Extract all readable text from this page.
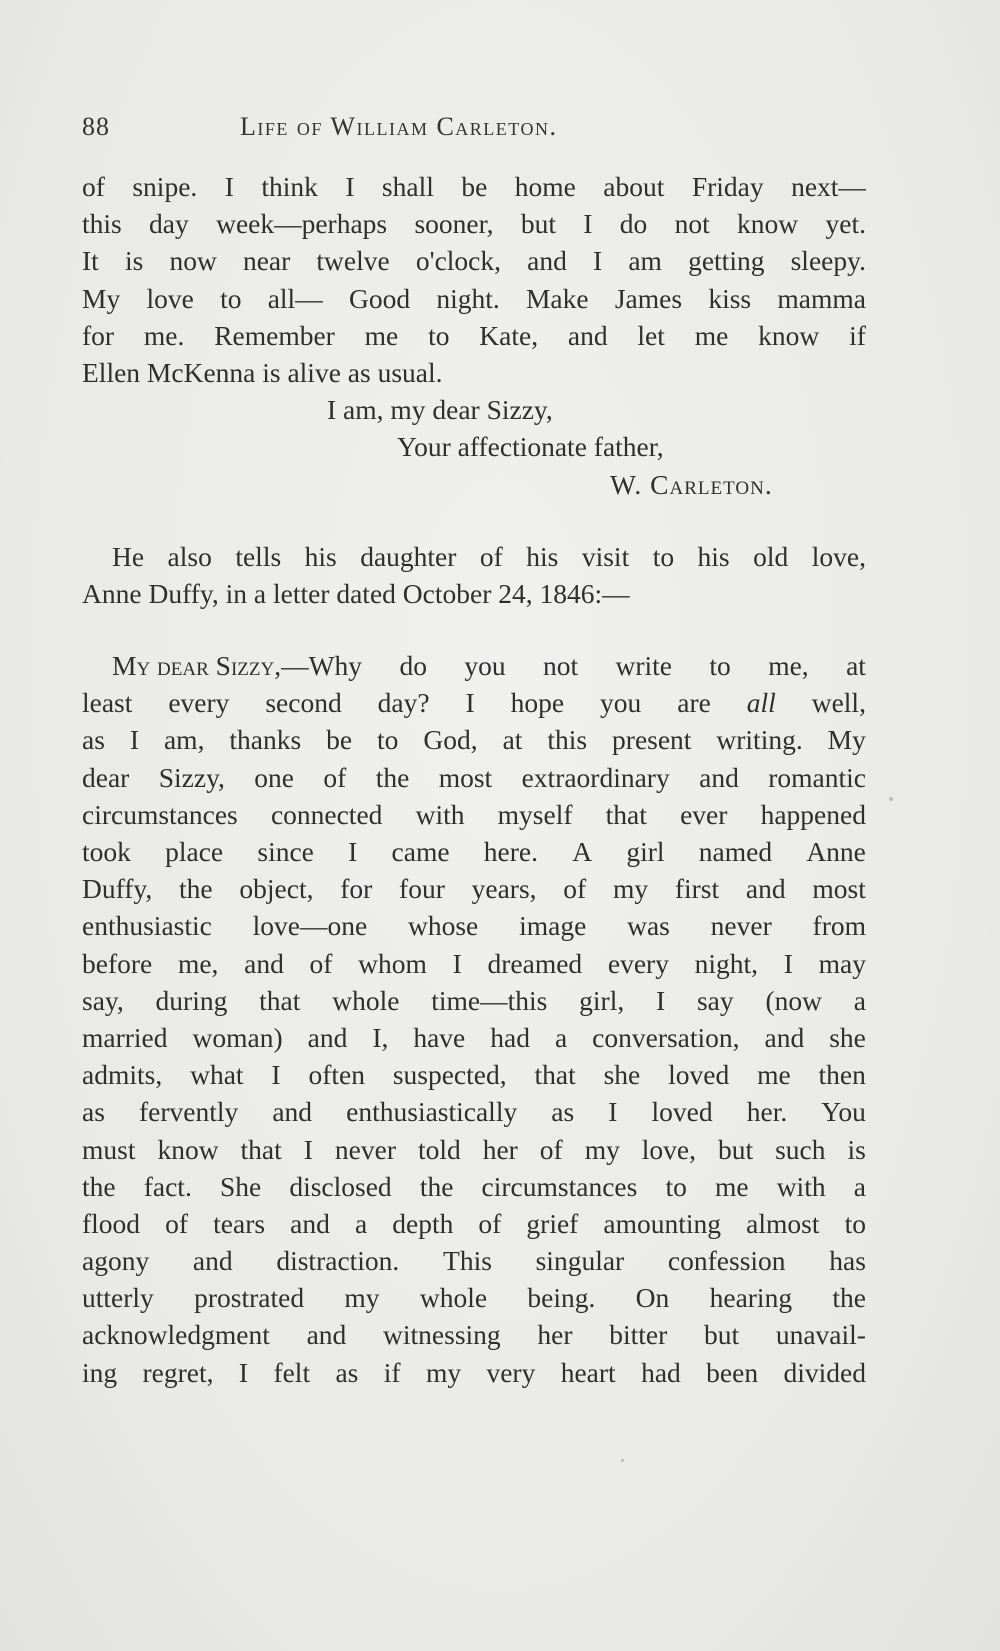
88	Life of William Carleton.
of snipe. I think I shall be home about Friday next—
this day week—perhaps sooner, but I do not know yet.
It is now near twelve o'clock, and I am getting sleepy.
My love to all— Good night. Make James kiss mamma
for me. Remember me to Kate, and let me know if
Ellen McKenna is alive as usual.
I am, my dear Sizzy,
Your affectionate father,
W. Carleton.
He also tells his daughter of his visit to his old love,
Anne Duffy, in a letter dated October 24, 1846:—
My dear Sizzy,—Why do you not write to me, at
least every second day? I hope you are all well,
as I am, thanks be to God, at this present writing. My
dear Sizzy, one of the most extraordinary and romantic
circumstances connected with myself that ever happened
took place since I came here. A girl named Anne
Duffy, the object, for four years, of my first and most
enthusiastic love—one whose image was never from
before me, and of whom I dreamed every night, I may
say, during that whole time—this girl, I say (now a
married woman) and I, have had a conversation, and she
admits, what I often suspected, that she loved me then
as fervently and enthusiastically as I loved her. You
must know that I never told her of my love, but such is
the fact. She disclosed the circumstances to me with a
flood of tears and a depth of grief amounting almost to
agony and distraction. This singular confession has
utterly prostrated my whole being. On hearing the
acknowledgment and witnessing her bitter but unavail-
ing regret, I felt as if my very heart had been divided
